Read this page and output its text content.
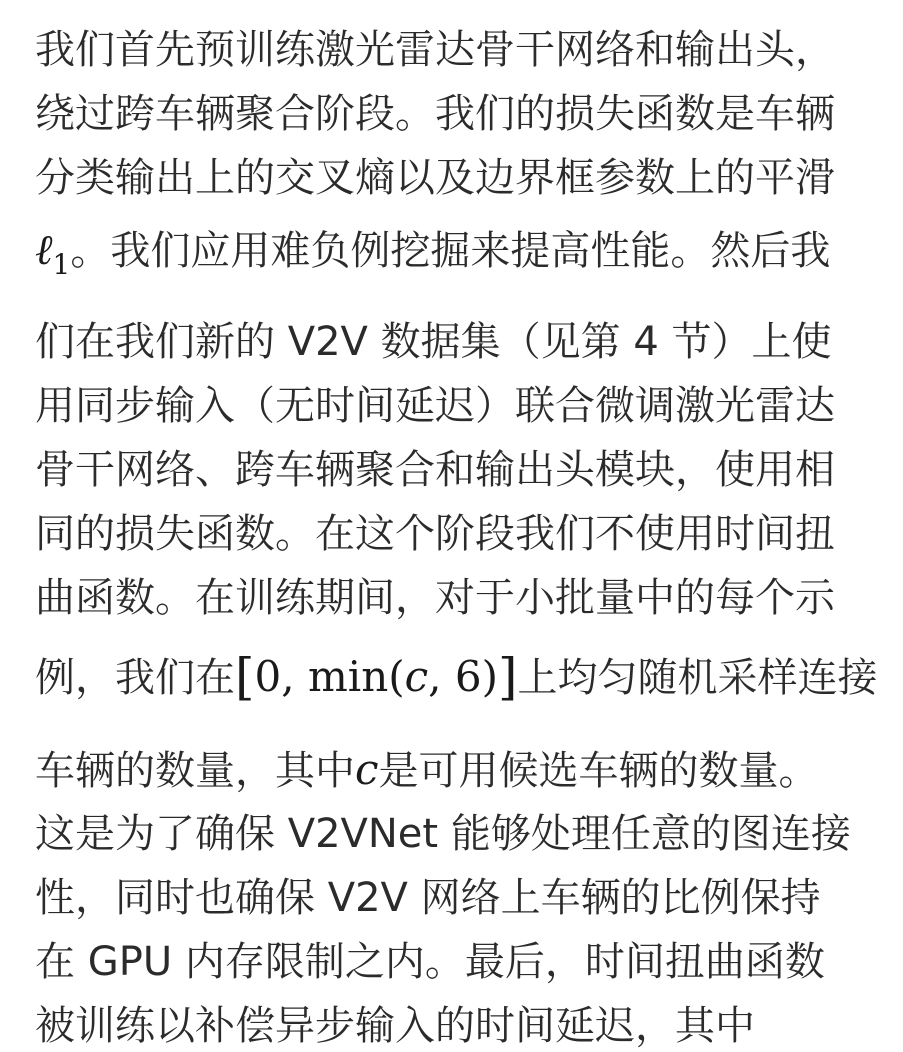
我们首先预训练激光雷达骨干网络和输出头，
绕过跨车辆聚合阶段。我们的损失函数是车辆
分类输出上的交叉熵以及边界框参数上的平滑
ℓ$_1$。我们应用难负例挖掘来提高性能。然后我
们在我们新的 V2V 数据集（见第 4 节）上使
用同步输入（无时间延迟）联合微调激光雷达
骨干网络、跨车辆聚合和输出头模块，使用相
同的损失函数。在这个阶段我们不使用时间扭
曲函数。在训练期间，对于小批量中的每个示
例，我们在[0, min(c, 6)]上均匀随机采样连接
车辆的数量，其中c是可用候选车辆的数量。
这是为了确保 V2VNet 能够处理任意的图连接
性，同时也确保 V2V 网络上车辆的比例保持
在 GPU 内存限制之内。最后，时间扭曲函数
被训练以补偿异步输入的时间延迟，其中
